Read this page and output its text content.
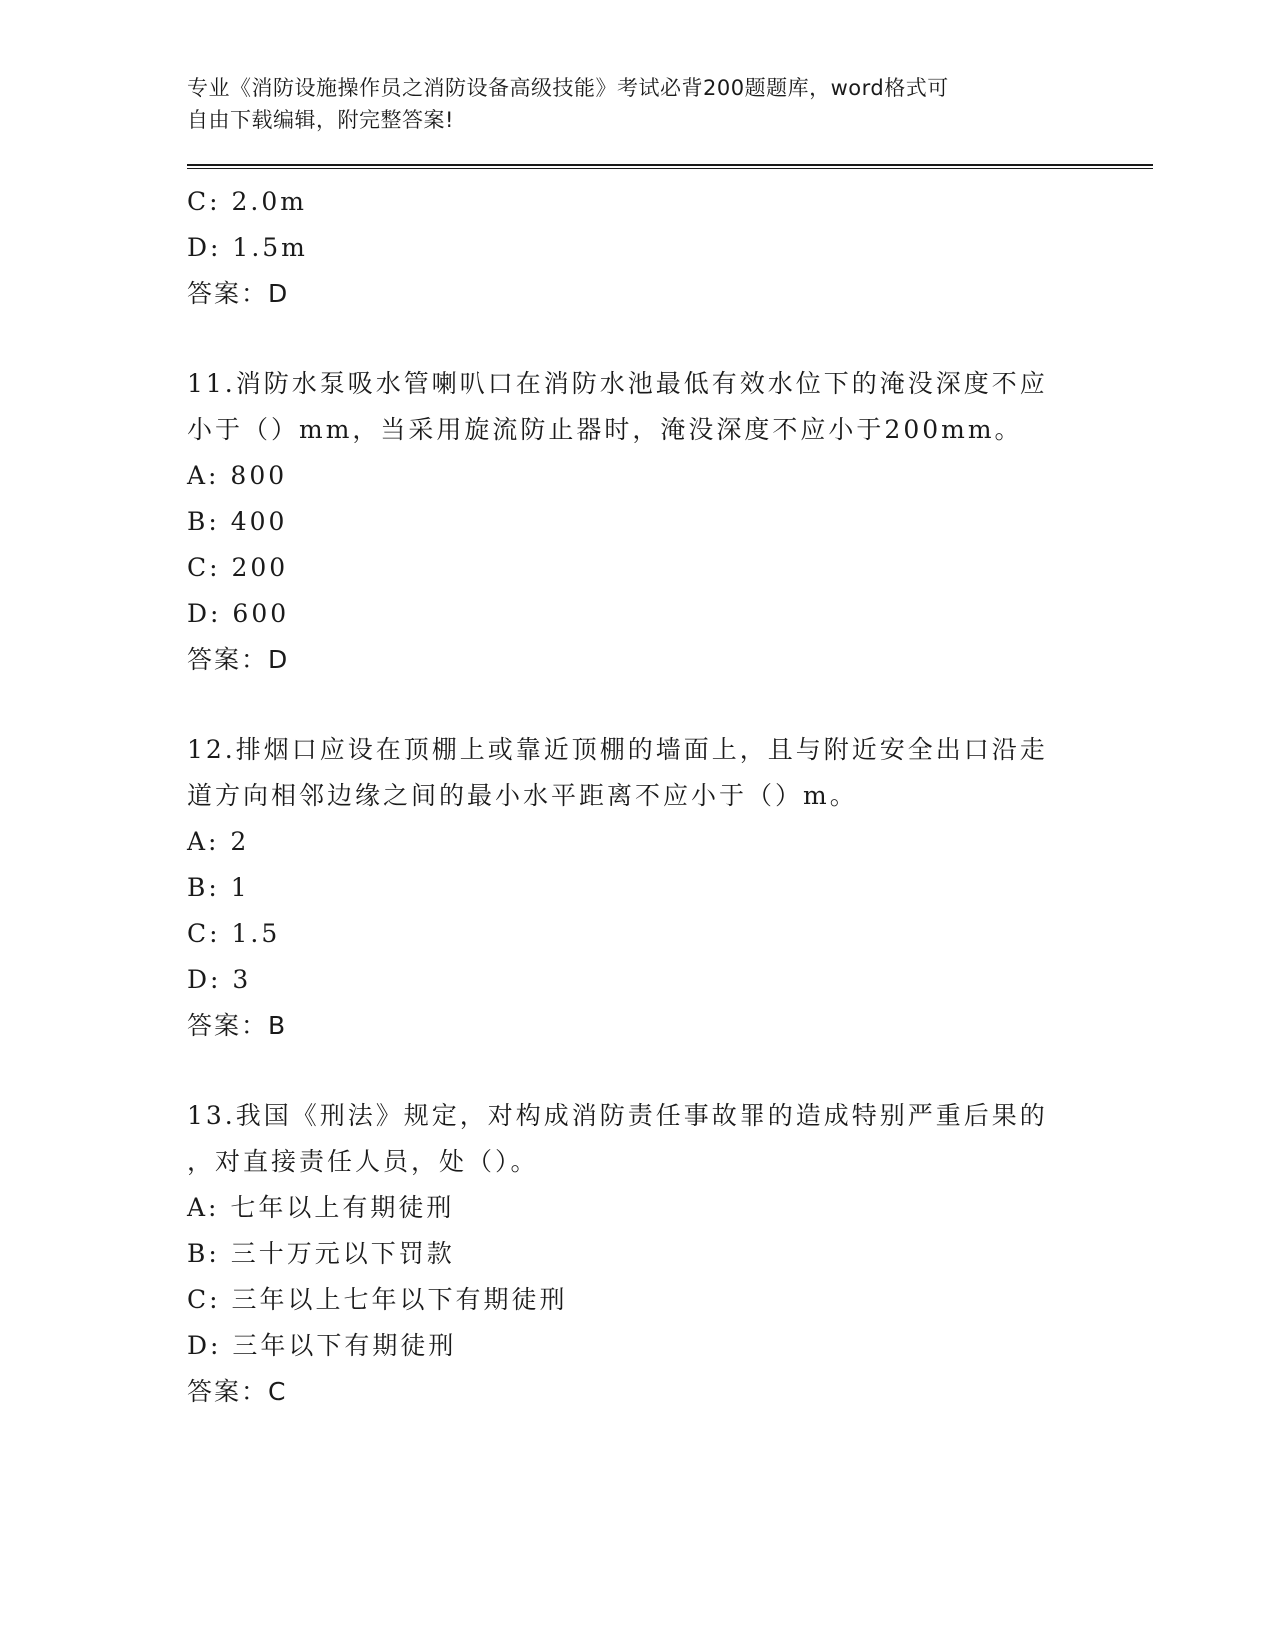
专业《消防设施操作员之消防设备高级技能》考试必背200题题库，word格式可
自由下载编辑，附完整答案!
C: 2.0m
D: 1.5m
答案：D
11.消防水泵吸水管喇叭口在消防水池最低有效水位下的淹没深度不应
小于（）mm，当采用旋流防止器时，淹没深度不应小于200mm。
A: 800
B: 400
C: 200
D: 600
答案：D
12.排烟口应设在顶棚上或靠近顶棚的墙面上，且与附近安全出口沿走
道方向相邻边缘之间的最小水平距离不应小于（）m。
A: 2
B: 1
C: 1.5
D: 3
答案：B
13.我国《刑法》规定，对构成消防责任事故罪的造成特别严重后果的
，对直接责任人员，处（）。
A: 七年以上有期徒刑
B: 三十万元以下罚款
C: 三年以上七年以下有期徒刑
D: 三年以下有期徒刑
答案：C
